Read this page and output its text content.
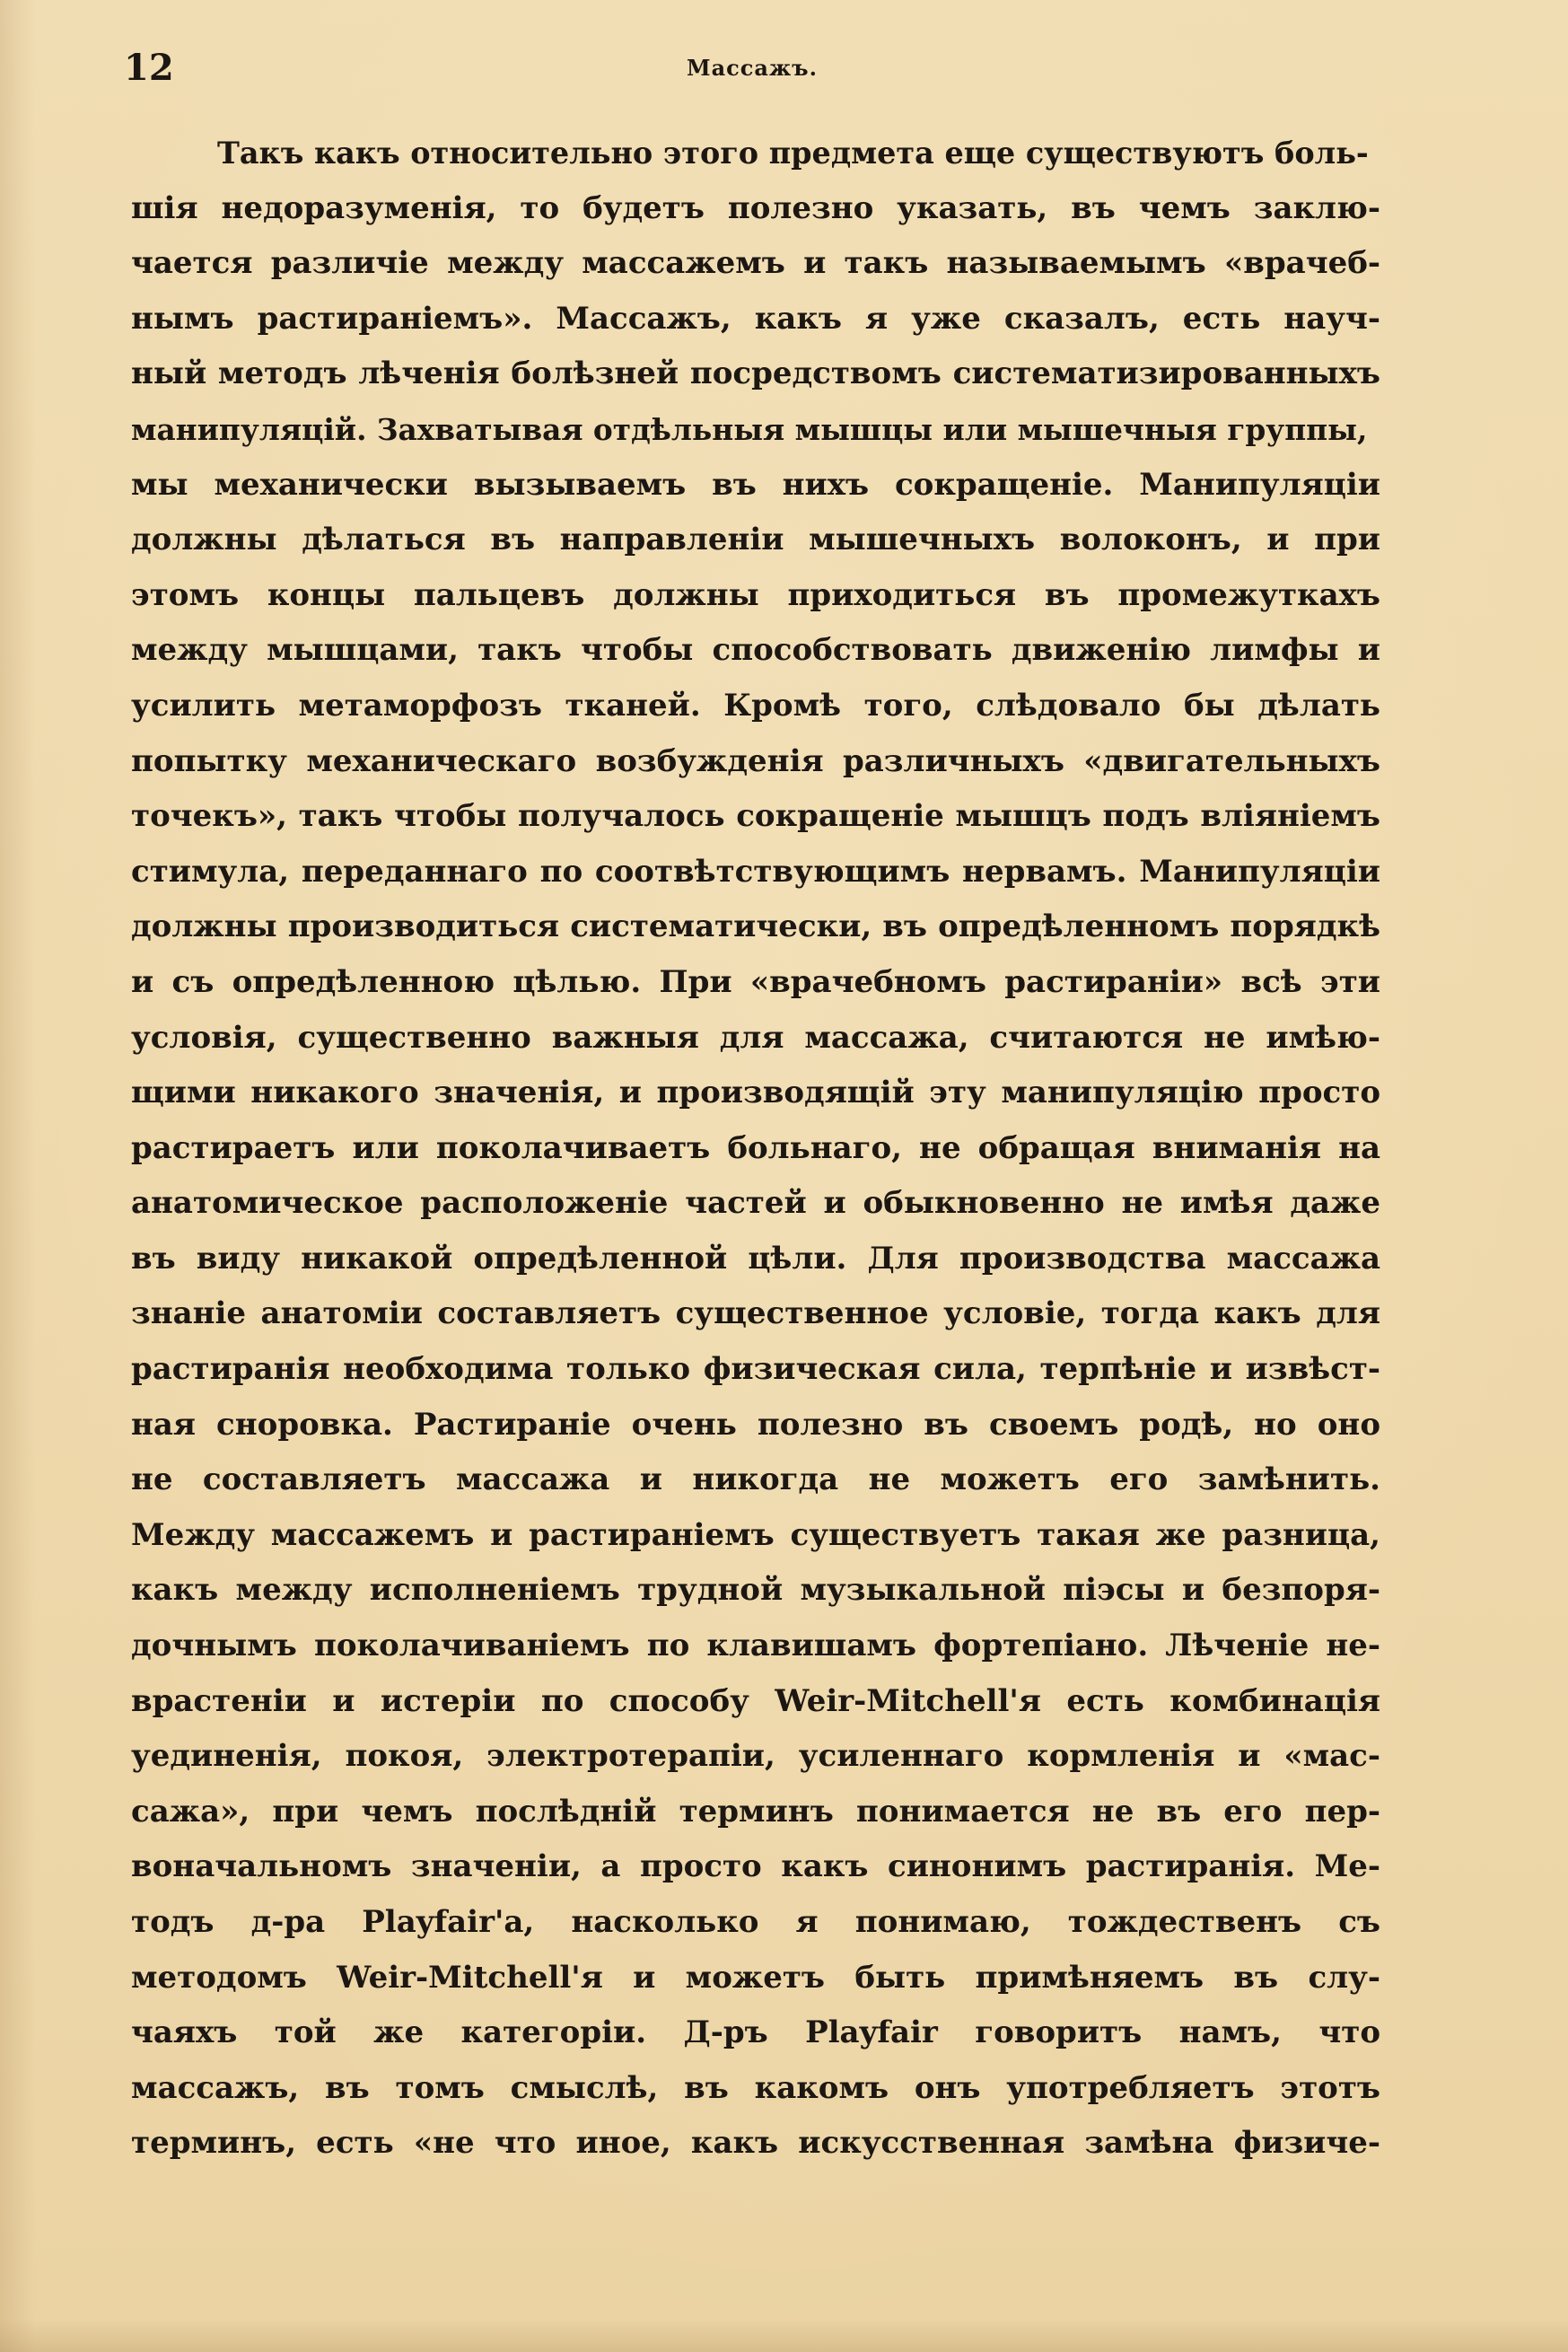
12	Массажъ.
Такъ какъ относительно этого предмета еще существуютъ боль-
шія недоразуменія, то будетъ полезно указать, въ чемъ заклю-
чается различіе между массажемъ и такъ называемымъ «врачеб-
нымъ растираніемъ». Массажъ, какъ я уже сказалъ, есть науч-
ный методъ лѣченія болѣзней посредствомъ систематизированныхъ
манипуляцій. Захватывая отдѣльныя мышцы или мышечныя группы,
мы механически вызываемъ въ нихъ сокращеніе. Манипуляціи
должны дѣлаться въ направленіи мышечныхъ волоконъ, и при
этомъ концы пальцевъ должны приходиться въ промежуткахъ
между мышцами, такъ чтобы способствовать движенію лимфы и
усилить метаморфозъ тканей. Кромѣ того, слѣдовало бы дѣлать
попытку механическаго возбужденія различныхъ «двигательныхъ
точекъ», такъ чтобы получалось сокращеніе мышцъ подъ вліяніемъ
стимула, переданнаго по соотвѣтствующимъ нервамъ. Манипуляціи
должны производиться систематически, въ опредѣленномъ порядкѣ
и съ опредѣленною цѣлью. При «врачебномъ растираніи» всѣ эти
условія, существенно важныя для массажа, считаются не имѣю-
щими никакого значенія, и производящій эту манипуляцію просто
растираетъ или поколачиваетъ больнаго, не обращая вниманія на
анатомическое расположеніе частей и обыкновенно не имѣя даже
въ виду никакой опредѣленной цѣли. Для производства массажа
знаніе анатоміи составляетъ существенное условіе, тогда какъ для
растиранія необходима только физическая сила, терпѣніе и извѣст-
ная сноровка. Растираніе очень полезно въ своемъ родѣ, но оно
не составляетъ массажа и никогда не можетъ его замѣнить.
Между массажемъ и растираніемъ существуетъ такая же разница,
какъ между исполненіемъ трудной музыкальной піэсы и безпоря-
дочнымъ поколачиваніемъ по клавишамъ фортепіано. Лѣченіе не-
врастеніи и истеріи по способу Weir-Mitchell'я есть комбинація
уединенія, покоя, электротерапіи, усиленнаго кормленія и «мас-
сажа», при чемъ послѣдній терминъ понимается не въ его пер-
воначальномъ значеніи, а просто какъ синонимъ растиранія. Ме-
тодъ д-ра Playfair'а, насколько я понимаю, тождественъ съ
методомъ Weir-Mitchell'я и можетъ быть примѣняемъ въ слу-
чаяхъ той же категоріи. Д-ръ Playfair говоритъ намъ, что
массажъ, въ томъ смыслѣ, въ какомъ онъ употребляетъ этотъ
терминъ, есть «не что иное, какъ искусственная замѣна физиче-
